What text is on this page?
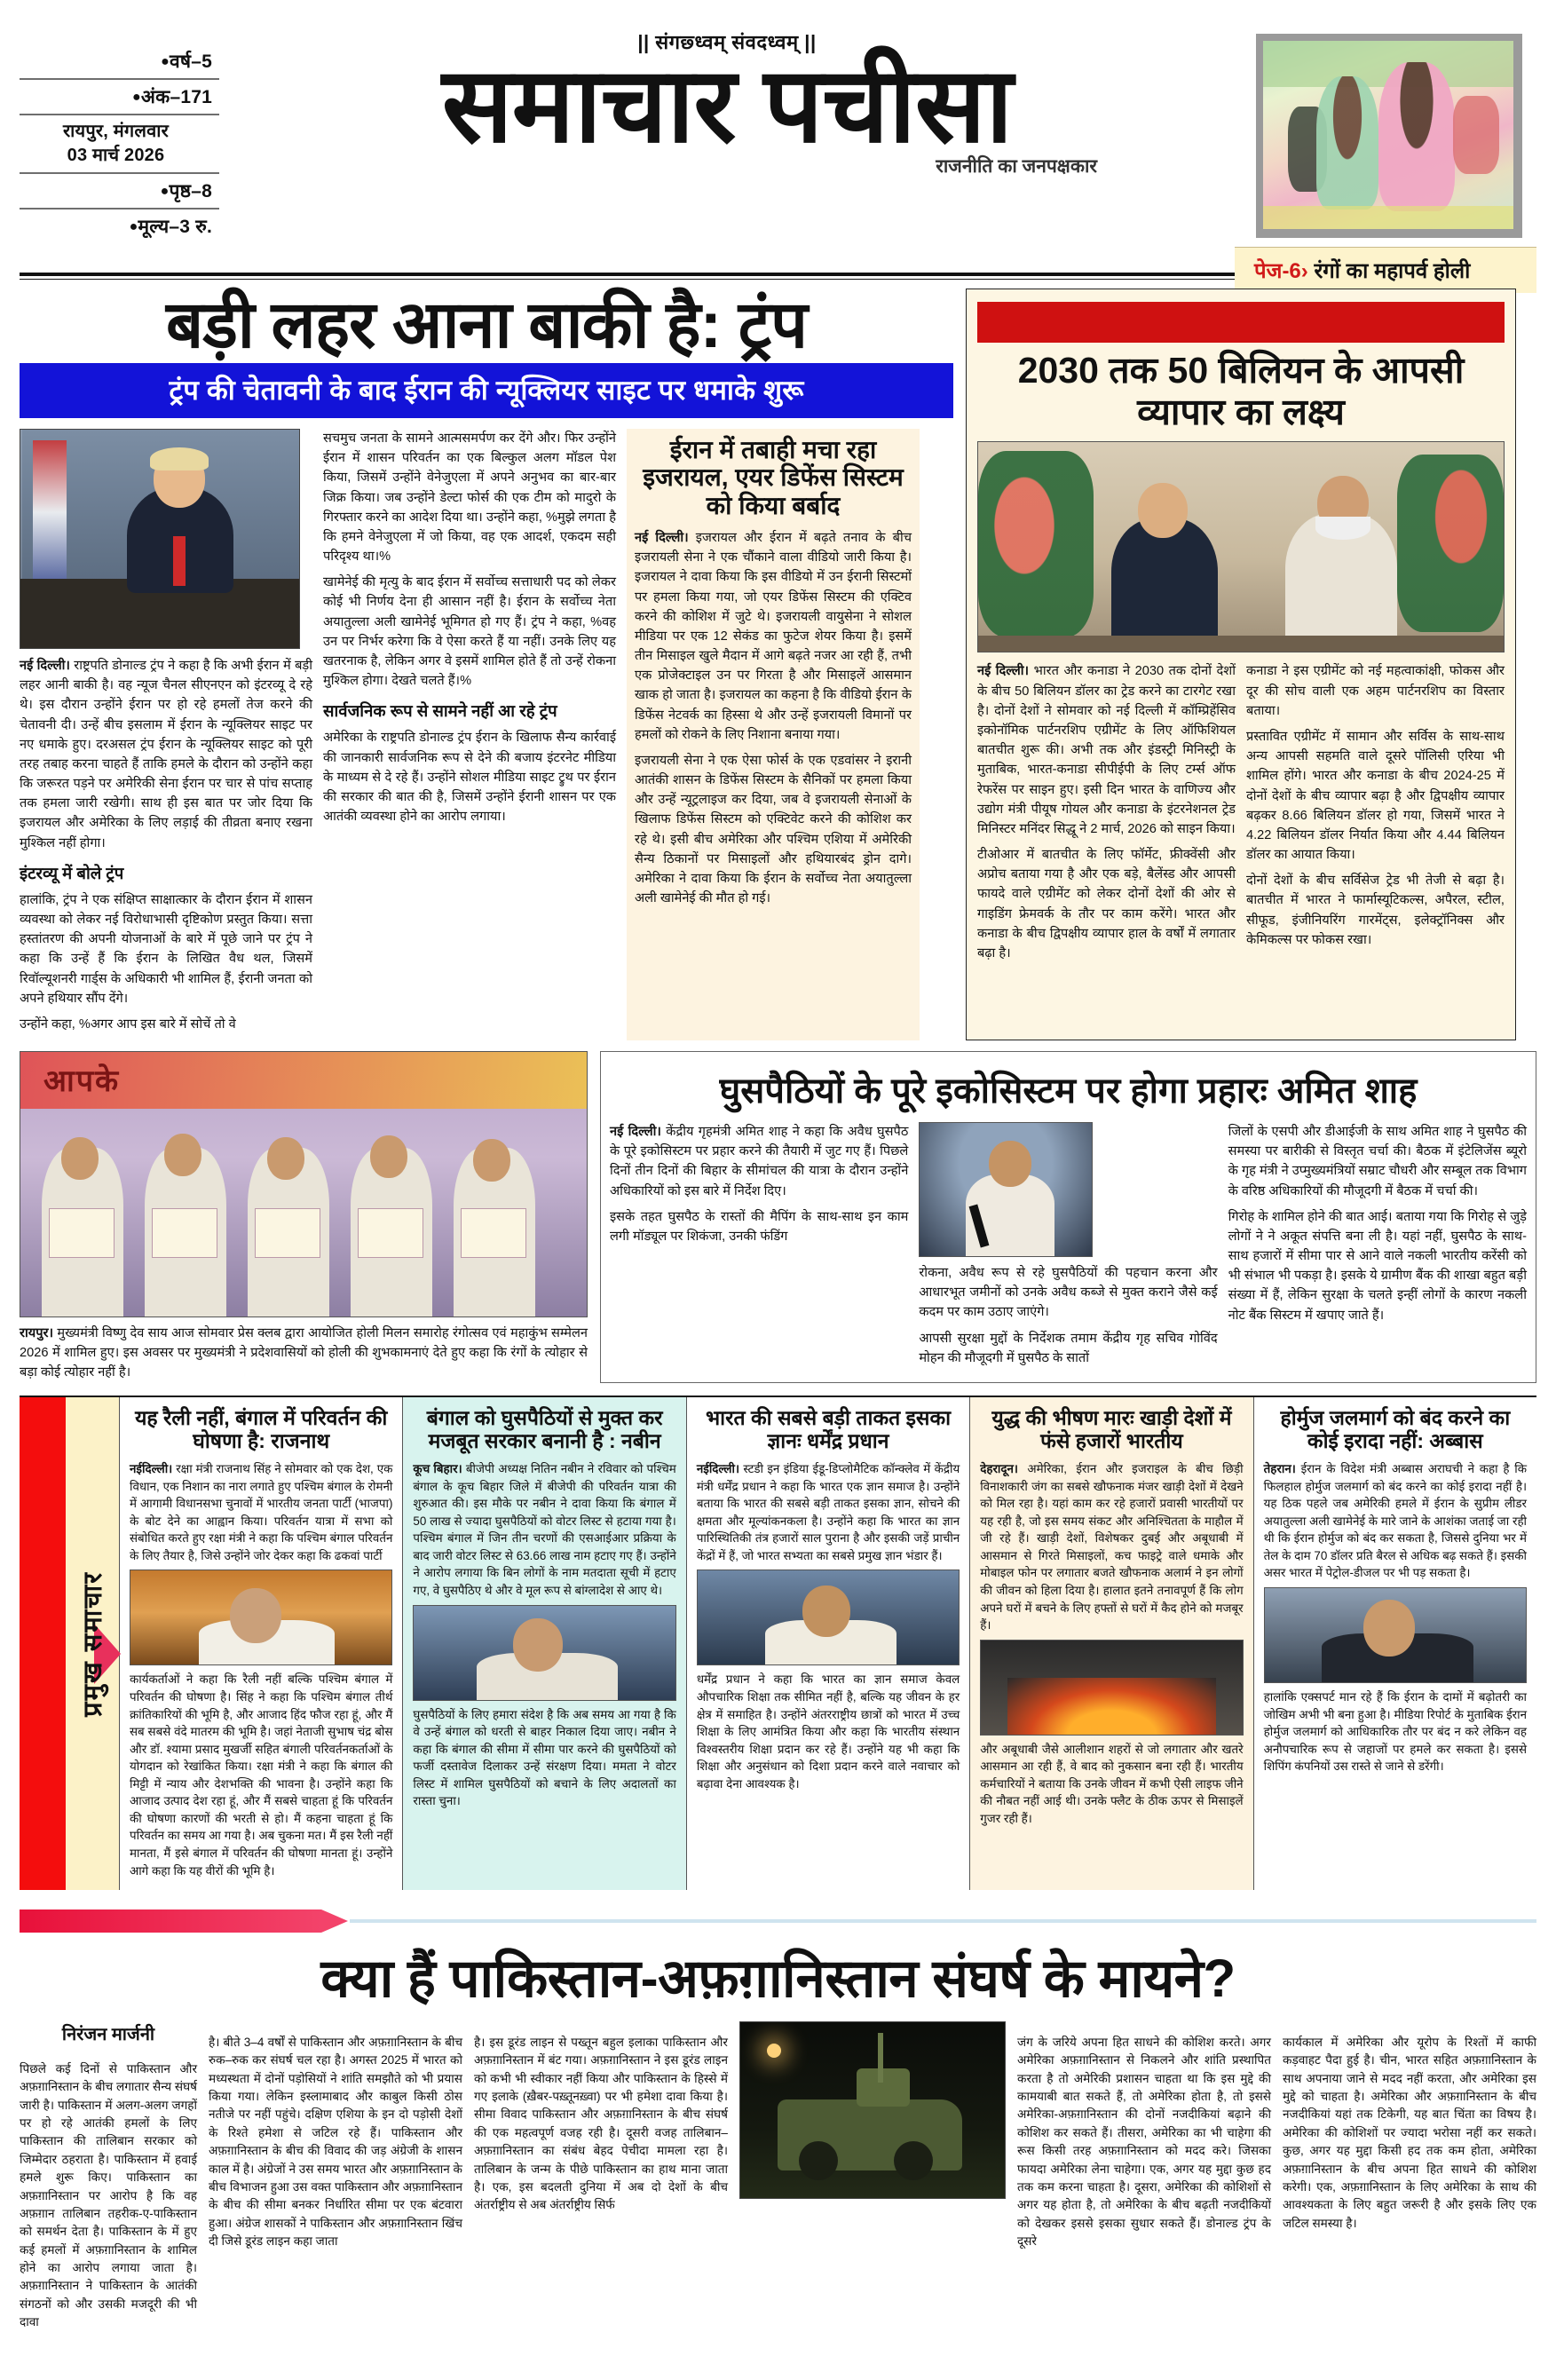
●वर्ष–5
●अंक–171
रायपुर, मंगलवार
03 मार्च 2026
●पृष्ठ–8
●मूल्य–3 रु.
|| संगछ्ध्वम् संवदध्वम् ||
समाचार पचीसा
राजनीति का जनपक्षकार
पेज-6› रंगों का महापर्व होली
बड़ी लहर आना बाकी है: ट्रंप
ट्रंप की चेतावनी के बाद ईरान की न्यूक्लियर साइट पर धमाके शुरू

नई दिल्ली। राष्ट्रपति डोनाल्ड ट्रंप ने कहा है कि अभी ईरान में बड़ी लहर आनी बाकी है। वह न्यूज चैनल सीएनएन को इंटरव्यू दे रहे थे। इस दौरान उन्होंने ईरान पर हो रहे हमलों तेज करने की चेतावनी दी। उन्हें बीच इसलाम में ईरान के न्यूक्लियर साइट पर नए धमाके हुए। दरअसल ट्रंप ईरान के न्यूक्लियर साइट को पूरी तरह तबाह करना चाहते हैं ताकि हमले के दौरान को उन्होंने कहा कि जरूरत पड़ने पर अमेरिकी सेना ईरान पर चार से पांच सप्ताह तक हमला जारी रखेगी। साथ ही इस बात पर जोर दिया कि इजरायल और अमेरिका के लिए लड़ाई की तीव्रता बनाए रखना मुश्किल नहीं होगा।

इंटरव्यू में बोले ट्रंप

हालांकि, ट्रंप ने एक संक्षिप्त साक्षात्कार के दौरान ईरान में शासन व्यवस्था को लेकर नई विरोधाभासी दृष्टिकोण प्रस्तुत किया। सत्ता हस्तांतरण की अपनी योजनाओं के बारे में पूछे जाने पर ट्रंप ने कहा कि उन्हें हैं कि ईरान के लिखित वैध थल, जिसमें रिवॉल्यूशनरी गार्ड्स के अधिकारी भी शामिल हैं, ईरानी जनता को अपने हथियार सौंप देंगे।

उन्होंने कहा, %अगर आप इस बारे में सोचें तो वे

सचमुच जनता के सामने आत्मसमर्पण कर देंगे और। फिर उन्होंने ईरान में शासन परिवर्तन का एक बिल्कुल अलग मॉडल पेश किया, जिसमें उन्होंने वेनेजुएला में अपने अनुभव का बार-बार जिक्र किया। जब उन्होंने डेल्टा फोर्स की एक टीम को मादुरो के गिरफ्तार करने का आदेश दिया था। उन्होंने कहा, %मुझे लगता है कि हमने वेनेजुएला में जो किया, वह एक आदर्श, एकदम सही परिदृश्य था।%

खामेनेई की मृत्यु के बाद ईरान में सर्वोच्च सत्ताधारी पद को लेकर कोई भी निर्णय देना ही आसान नहीं है। ईरान के सर्वोच्च नेता अयातुल्ला अली खामेनेई भूमिगत हो गए हैं। ट्रंप ने कहा, %वह उन पर निर्भर करेगा कि वे ऐसा करते हैं या नहीं। उनके लिए यह खतरनाक है, लेकिन अगर वे इसमें शामिल होते हैं तो उन्हें रोकना मुश्किल होगा। देखते चलते हैं।%

सार्वजनिक रूप से सामने नहीं आ रहे ट्रंप

अमेरिका के राष्ट्रपति डोनाल्ड ट्रंप ईरान के खिलाफ सैन्य कार्रवाई की जानकारी सार्वजनिक रूप से देने की बजाय इंटरनेट मीडिया के माध्यम से दे रहे हैं। उन्होंने सोशल मीडिया साइट ट्रुथ पर ईरान की सरकार की बात की है, जिसमें उन्होंने ईरानी शासन पर एक आतंकी व्यवस्था होने का आरोप लगाया।

ईरान में तबाही मचा रहा इजरायल, एयर डिफेंस सिस्टम को किया बर्बाद

नई दिल्ली। इजरायल और ईरान में बढ़ते तनाव के बीच इजरायली सेना ने एक चौंकाने वाला वीडियो जारी किया है। इजरायल ने दावा किया कि इस वीडियो में उन ईरानी सिस्टमों पर हमला किया गया, जो एयर डिफेंस सिस्टम की एक्टिव करने की कोशिश में जुटे थे। इजरायली वायुसेना ने सोशल मीडिया पर एक 12 सेकंड का फुटेज शेयर किया है। इसमें तीन मिसाइल खुले मैदान में आगे बढ़ते नजर आ रही हैं, तभी एक प्रोजेक्टाइल उन पर गिरता है और मिसाइलें आसमान खाक हो जाता है। इजरायल का कहना है कि वीडियो ईरान के डिफेंस नेटवर्क का हिस्सा थे और उन्हें इजरायली विमानों पर हमलों को रोकने के लिए निशाना बनाया गया।

इजरायली सेना ने एक ऐसा फोर्स के एक एडवांसर ने इरानी आतंकी शासन के डिफेंस सिस्टम के सैनिकों पर हमला किया और उन्हें न्यूट्रलाइज कर दिया, जब वे इजरायली सेनाओं के खिलाफ डिफेंस सिस्टम को एक्टिवेट करने की कोशिश कर रहे थे। इसी बीच अमेरिका और पश्चिम एशिया में अमेरिकी सैन्य ठिकानों पर मिसाइलों और हथियारबंद ड्रोन दागे। अमेरिका ने दावा किया कि ईरान के सर्वोच्च नेता अयातुल्ला अली खामेनेई की मौत हो गई।

2030 तक 50 बिलियन के आपसी व्यापार का लक्ष्य

नई दिल्ली। भारत और कनाडा ने 2030 तक दोनों देशों के बीच 50 बिलियन डॉलर का ट्रेड करने का टारगेट रखा है। दोनों देशों ने सोमवार को नई दिल्ली में कॉम्प्रिहेंसिव इकोनॉमिक पार्टनरशिप एग्रीमेंट के लिए ऑफिशियल बातचीत शुरू की। अभी तक और इंडस्ट्री मिनिस्ट्री के मुताबिक, भारत-कनाडा सीपीईपी के लिए टर्म्स ऑफ रेफरेंस पर साइन हुए। इसी दिन भारत के वाणिज्य और उद्योग मंत्री पीयूष गोयल और कनाडा के इंटरनेशनल ट्रेड मिनिस्टर मनिंदर सिद्धू ने 2 मार्च, 2026 को साइन किया।

टीओआर में बातचीत के लिए फॉर्मेट, फ्रीक्वेंसी और अप्रोच बताया गया है और एक बड़े, बैलेंस्ड और आपसी फायदे वाले एग्रीमेंट को लेकर दोनों देशों की ओर से गाइडिंग फ्रेमवर्क के तौर पर काम करेंगे। भारत और कनाडा के बीच द्विपक्षीय व्यापार हाल के वर्षों में लगातार बढ़ा है।

कनाडा ने इस एग्रीमेंट को नई महत्वाकांक्षी, फोकस और दूर की सोच वाली एक अहम पार्टनरशिप का विस्तार बताया।

प्रस्तावित एग्रीमेंट में सामान और सर्विस के साथ-साथ अन्य आपसी सहमति वाले दूसरे पॉलिसी एरिया भी शामिल होंगे। भारत और कनाडा के बीच 2024-25 में दोनों देशों के बीच व्यापार बढ़ा है और द्विपक्षीय व्यापार बढ़कर 8.66 बिलियन डॉलर हो गया, जिसमें भारत ने 4.22 बिलियन डॉलर निर्यात किया और 4.44 बिलियन डॉलर का आयात किया।

दोनों देशों के बीच सर्विसेज ट्रेड भी तेजी से बढ़ा है। बातचीत में भारत ने फार्मास्यूटिकल्स, अपैरल, स्टील, सीफूड, इंजीनियरिंग गारमेंट्स, इलेक्ट्रॉनिक्स और केमिकल्स पर फोकस रखा।

आपके
रायपुर। मुख्यमंत्री विष्णु देव साय आज सोमवार प्रेस क्लब द्वारा आयोजित होली मिलन समारोह रंगोत्सव एवं महाकुंभ सम्मेलन 2026 में शामिल हुए। इस अवसर पर मुख्यमंत्री ने प्रदेशवासियों को होली की शुभकामनाएं देते हुए कहा कि रंगों के त्योहार से बड़ा कोई त्योहार नहीं है।
घुसपैठियों के पूरे इकोसिस्टम पर होगा प्रहारः अमित शाह

नई दिल्ली। केंद्रीय गृहमंत्री अमित शाह ने कहा कि अवैध घुसपैठ के पूरे इकोसिस्टम पर प्रहार करने की तैयारी में जुट गए हैं। पिछले दिनों तीन दिनों की बिहार के सीमांचल की यात्रा के दौरान उन्होंने अधिकारियों को इस बारे में निर्देश दिए।

इसके तहत घुसपैठ के रास्तों की मैपिंग के साथ-साथ इन काम लगी मॉड्यूल पर शिकंजा, उनकी फंडिंग

रोकना, अवैध रूप से रहे घुसपैठियों की पहचान करना और आधारभूत जमीनों को उनके अवैध कब्जे से मुक्त कराने जैसे कई कदम पर काम उठाए जाएंगे।

आपसी सुरक्षा मुद्दों के निर्देशक तमाम केंद्रीय गृह सचिव गोविंद मोहन की मौजूदगी में घुसपैठ के सातों

जिलों के एसपी और डीआईजी के साथ अमित शाह ने घुसपैठ की समस्या पर बारीकी से विस्तृत चर्चा की। बैठक में इंटेलिजेंस ब्यूरो के गृह मंत्री ने उप्मुख्यमंत्रियों सम्राट चौधरी और सम्बूल तक विभाग के वरिष्ठ अधिकारियों की मौजूदगी में बैठक में चर्चा की।

गिरोह के शामिल होने की बात आई। बताया गया कि गिरोह से जुड़े लोगों ने ने अकूत संपत्ति बना ली है। यहां नहीं, घुसपैठ के साथ-साथ हजारों में सीमा पार से आने वाले नकली भारतीय करेंसी को भी संभाल भी पकड़ा है। इसके ये ग्रामीण बैंक की शाखा बहुत बड़ी संख्या में हैं, लेकिन सुरक्षा के चलते इन्हीं लोगों के कारण नकली नोट बैंक सिस्टम में खपाए जाते हैं।

प्रमुख समाचार
यह रैली नहीं, बंगाल में परिवर्तन की घोषणा है: राजनाथ

नईदिल्ली। रक्षा मंत्री राजनाथ सिंह ने सोमवार को एक देश, एक विधान, एक निशान का नारा लगाते हुए पश्चिम बंगाल के रोमनी में आगामी विधानसभा चुनावों में भारतीय जनता पार्टी (भाजपा) के बोट देने का आह्वान किया। परिवर्तन यात्रा में सभा को संबोधित करते हुए रक्षा मंत्री ने कहा कि पश्चिम बंगाल परिवर्तन के लिए तैयार है, जिसे उन्होंने जोर देकर कहा कि ढकवां पार्टी

कार्यकर्ताओं ने कहा कि रैली नहीं बल्कि पश्चिम बंगाल में परिवर्तन की घोषणा है। सिंह ने कहा कि पश्चिम बंगाल तीर्थ क्रांतिकारियों की भूमि है, और आजाद हिंद फौज रहा हूं, और मैं सब सबसे वंदे मातरम की भूमि है। जहां नेताजी सुभाष चंद्र बोस और डॉ. श्यामा प्रसाद मुखर्जी सहित बंगाली परिवर्तनकर्ताओं के योगदान को रेखांकित किया। रक्षा मंत्री ने कहा कि बंगाल की मिट्टी में न्याय और देशभक्ति की भावना है। उन्होंने कहा कि आजाद उत्पाद देश रहा हूं, और मैं सबसे चाहता हूं कि परिवर्तन की घोषणा कारणों की भरती से हो। मैं कहना चाहता हूं कि परिवर्तन का समय आ गया है। अब चुकना मत। मैं इस रैली नहीं मानता, मैं इसे बंगाल में परिवर्तन की घोषणा मानता हूं। उन्होंने आगे कहा कि यह वीरों की भूमि है।

बंगाल को घुसपैठियों से मुक्त कर मजबूत सरकार बनानी है : नबीन

कूच बिहार। बीजेपी अध्यक्ष नितिन नबीन ने रविवार को पश्चिम बंगाल के कूच बिहार जिले में बीजेपी की परिवर्तन यात्रा की शुरुआत की। इस मौके पर नबीन ने दावा किया कि बंगाल में 50 लाख से ज्यादा घुसपैठियों को वोटर लिस्ट से हटाया गया है। पश्चिम बंगाल में जिन तीन चरणों की एसआईआर प्रक्रिया के बाद जारी वोटर लिस्ट से 63.66 लाख नाम हटाए गए हैं। उन्होंने ने आरोप लगाया कि बिन लोगों के नाम मतदाता सूची में हटाए गए, वे घुसपैठिए थे और वे मूल रूप से बांग्लादेश से आए थे।

घुसपैठियों के लिए हमारा संदेश है कि अब समय आ गया है कि वे उन्हें बंगाल को धरती से बाहर निकाल दिया जाए। नबीन ने कहा कि बंगाल की सीमा में सीमा पार करने की घुसपैठियों को फर्जी दस्तावेज दिलाकर उन्हें संरक्षण दिया। ममता ने वोटर लिस्ट में शामिल घुसपैठियों को बचाने के लिए अदालतों का रास्ता चुना।

भारत की सबसे बड़ी ताकत इसका ज्ञानः धर्मेंद्र प्रधान

नईदिल्ली। स्टडी इन इंडिया ईडू-डिप्लोमैटिक कॉन्क्लेव में केंद्रीय मंत्री धर्मेंद्र प्रधान ने कहा कि भारत एक ज्ञान समाज है। उन्होंने बताया कि भारत की सबसे बड़ी ताकत इसका ज्ञान, सोचने की क्षमता और मूल्यांकनकला है। उन्होंने कहा कि भारत का ज्ञान पारिस्थितिकी तंत्र हजारों साल पुराना है और इसकी जड़ें प्राचीन केंद्रों में हैं, जो भारत सभ्यता का सबसे प्रमुख ज्ञान भंडार हैं।

धर्मेंद्र प्रधान ने कहा कि भारत का ज्ञान समाज केवल औपचारिक शिक्षा तक सीमित नहीं है, बल्कि यह जीवन के हर क्षेत्र में समाहित है। उन्होंने अंतरराष्ट्रीय छात्रों को भारत में उच्च शिक्षा के लिए आमंत्रित किया और कहा कि भारतीय संस्थान विश्वस्तरीय शिक्षा प्रदान कर रहे हैं। उन्होंने यह भी कहा कि शिक्षा और अनुसंधान को दिशा प्रदान करने वाले नवाचार को बढ़ावा देना आवश्यक है।

युद्ध की भीषण मारः खाड़ी देशों में फंसे हजारों भारतीय

देहरादून। अमेरिका, ईरान और इजराइल के बीच छिड़ी विनाशकारी जंग का सबसे खौफनाक मंजर खाड़ी देशों में देखने को मिल रहा है। यहां काम कर रहे हजारों प्रवासी भारतीयों पर यह रही है, जो इस समय संकट और अनिश्चितता के माहौल में जी रहे हैं। खाड़ी देशों, विशेषकर दुबई और अबूधाबी में आसमान से गिरते मिसाइलों, कच फाइट्रे वाले धमाके और मोबाइल फोन पर लगातार बजते खौफनाक अलार्म ने इन लोगों की जीवन को हिला दिया है। हालात इतने तनावपूर्ण हैं कि लोग अपने घरों में बचने के लिए हफ्तों से घरों में कैद होने को मजबूर हैं।

और अबूधाबी जैसे आलीशान शहरों से जो लगातार और खतरे आसमान आ रही हैं, वे बाद को नुकसान बना रही हैं। भारतीय कर्मचारियों ने बताया कि उनके जीवन में कभी ऐसी लाइफ जीने की नौबत नहीं आई थी। उनके फ्लैट के ठीक ऊपर से मिसाइलें गुजर रही हैं।

होर्मुज जलमार्ग को बंद करने का कोई इरादा नहीं: अब्बास

तेहरान। ईरान के विदेश मंत्री अब्बास अराघची ने कहा है कि फिलहाल होर्मुज जलमार्ग को बंद करने का कोई इरादा नहीं है। यह ठिक पहले जब अमेरिकी हमले में ईरान के सुप्रीम लीडर अयातुल्ला अली खामेनेई के मारे जाने के आशंका जताई जा रही थी कि ईरान होर्मुज को बंद कर सकता है, जिससे दुनिया भर में तेल के दाम 70 डॉलर प्रति बैरल से अधिक बढ़ सकते हैं। इसकी असर भारत में पेट्रोल-डीजल पर भी पड़ सकता है।

हालांकि एक्सपर्ट मान रहे हैं कि ईरान के दामों में बढ़ोतरी का जोखिम अभी भी बना हुआ है। मीडिया रिपोर्ट के मुताबिक ईरान होर्मुज जलमार्ग को आधिकारिक तौर पर बंद न करे लेकिन वह अनौपचारिक रूप से जहाजों पर हमले कर सकता है। इससे शिपिंग कंपनियों उस रास्ते से जाने से डरेंगी।

क्या हैं पाकिस्तान-अफ़ग़ानिस्तान संघर्ष के मायने?
निरंजन मार्जनी

पिछले कई दिनों से पाकिस्तान और अफ़ग़ानिस्तान के बीच लगातार सैन्य संघर्ष जारी है। पाकिस्तान में अलग-अलग जगहों पर हो रहे आतंकी हमलों के लिए पाकिस्तान की तालिबान सरकार को जिम्मेदार ठहराता है। पाकिस्तान में हवाई हमले शुरू किए। पाकिस्तान का अफ़ग़ानिस्तान पर आरोप है कि वह अफ़ग़ान तालिबान तहरीक-ए-पाकिस्तान को समर्थन देता है। पाकिस्तान के में हुए कई हमलों में अफ़ग़ानिस्तान के शामिल होने का आरोप लगाया जाता है। अफ़ग़ानिस्तान ने पाकिस्तान के आतंकी संगठनों को और उसकी मजदूरी की भी दावा

है। बीते 3–4 वर्षों से पाकिस्तान और अफ़ग़ानिस्तान के बीच रुक–रुक कर संघर्ष चल रहा है। अगस्त 2025 में भारत को मध्यस्थता में दोनों पड़ोसियों ने शांति समझौते को भी प्रयास किया गया। लेकिन इस्लामाबाद और काबुल किसी ठोस नतीजे पर नहीं पहुंचे। दक्षिण एशिया के इन दो पड़ोसी देशों के रिश्ते हमेशा से जटिल रहे हैं। पाकिस्तान और अफ़ग़ानिस्तान के बीच की विवाद की जड़ अंग्रेजी के शासन काल में है। अंग्रेजों ने उस समय भारत और अफ़ग़ानिस्तान के बीच विभाजन हुआ उस वक्त पाकिस्तान और अफ़ग़ानिस्तान के बीच की सीमा बनकर निर्धारित सीमा पर एक बंटवारा हुआ। अंग्रेज शासकों ने पाकिस्तान और अफ़ग़ानिस्तान खिंच दी जिसे डूरंड लाइन कहा जाता

है। इस डूरंड लाइन से पख्तून बहुल इलाका पाकिस्तान और अफ़ग़ानिस्तान में बंट गया। अफ़ग़ानिस्तान ने इस डूरंड लाइन को कभी भी स्वीकार नहीं किया और पाकिस्तान के हिस्से में गए इलाके (ख़ैबर-पख़्तूनख़्वा) पर भी हमेशा दावा किया है। सीमा विवाद पाकिस्तान और अफ़ग़ानिस्तान के बीच संघर्ष की एक महत्वपूर्ण वजह रही है। दूसरी वजह तालिबान–अफ़ग़ानिस्तान का संबंध बेहद पेचीदा मामला रहा है। तालिबान के जन्म के पीछे पाकिस्तान का हाथ माना जाता है। एक, इस बदलती दुनिया में अब दो देशों के बीच अंतर्राष्ट्रीय से अब अंतर्राष्ट्रीय सिर्फ

जंग के जरिये अपना हित साधने की कोशिश करते। अगर अमेरिका अफ़ग़ानिस्तान से निकलने और शांति प्रस्थापित करता है तो अमेरिकी प्रशासन चाहता था कि इस मुद्दे की कामयाबी बात सकते हैं, तो अमेरिका होता है, तो इससे अमेरिका-अफ़ग़ानिस्तान की दोनों नजदीकियां बढ़ाने की कोशिश कर सकते हैं। तीसरा, अमेरिका का भी चाहेगा की रूस किसी तरह अफ़ग़ानिस्तान को मदद करे। जिसका फायदा अमेरिका लेना चाहेगा। एक, अगर यह मुद्दा कुछ हद तक कम करना चाहता है। दूसरा, अमेरिका की कोशिशों से अगर यह होता है, तो अमेरिका के बीच बढ़ती नजदीकियों को देखकर इससे इसका सुधार सकते हैं। डोनाल्ड ट्रंप के दूसरे

कार्यकाल में अमेरिका और यूरोप के रिश्तों में काफी कड़वाहट पैदा हुई है। चीन, भारत सहित अफ़ग़ानिस्तान के साथ अपनाया जाने से मदद नहीं करता, और अमेरिका इस मुद्दे को चाहता है। अमेरिका और अफ़ग़ानिस्तान के बीच नजदीकियां यहां तक टिकेगी, यह बात चिंता का विषय है। अमेरिका की कोशिशों पर ज्यादा भरोसा नहीं कर सकते। कुछ, अगर यह मुद्दा किसी हद तक कम होता, अमेरिका अफ़ग़ानिस्तान के बीच अपना हित साधने की कोशिश करेगी। एक, अफ़ग़ानिस्तान के लिए अमेरिका के साथ की आवश्यकता के लिए बहुत जरूरी है और इसके लिए एक जटिल समस्या है।
